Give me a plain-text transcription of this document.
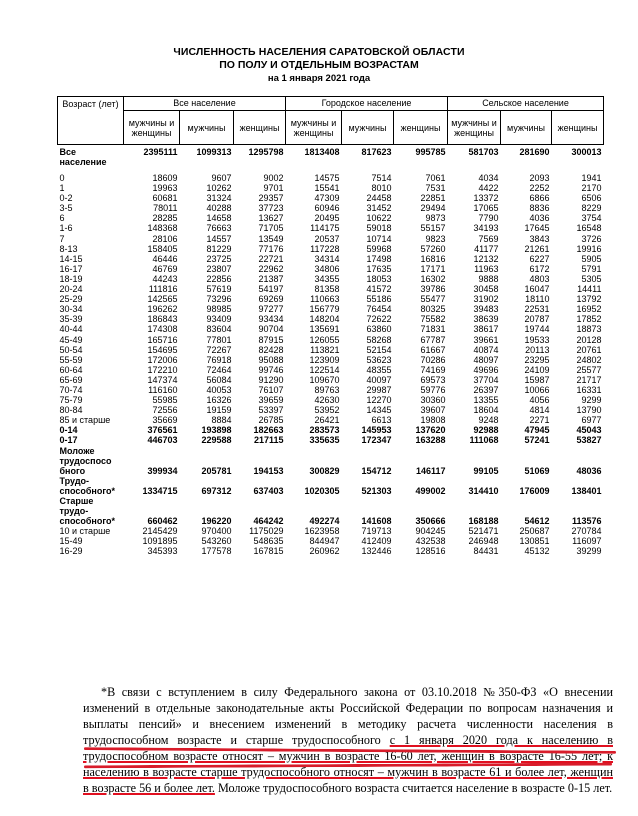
ЧИСЛЕННОСТЬ НАСЕЛЕНИЯ САРАТОВСКОЙ ОБЛАСТИ
ПО ПОЛУ И ОТДЕЛЬНЫМ ВОЗРАСТАМ
на 1 января 2021 года
Возраст (лет)	Все население			Городское население			Сельское население		
	мужчины и женщины	мужчины	женщины	мужчины и женщины	мужчины	женщины	мужчины и женщины	мужчины	женщины
Все население	2395111	1099313	1295798	1813408	817623	995785	581703	281690	300013
0	18609	9607	9002	14575	7514	7061	4034	2093	1941
1	19963	10262	9701	15541	8010	7531	4422	2252	2170
0-2	60681	31324	29357	47309	24458	22851	13372	6866	6506
3-5	78011	40288	37723	60946	31452	29494	17065	8836	8229
6	28285	14658	13627	20495	10622	9873	7790	4036	3754
1-6	148368	76663	71705	114175	59018	55157	34193	17645	16548
7	28106	14557	13549	20537	10714	9823	7569	3843	3726
8-13	158405	81229	77176	117228	59968	57260	41177	21261	19916
14-15	46446	23725	22721	34314	17498	16816	12132	6227	5905
16-17	46769	23807	22962	34806	17635	17171	11963	6172	5791
18-19	44243	22856	21387	34355	18053	16302	9888	4803	5305
20-24	111816	57619	54197	81358	41572	39786	30458	16047	14411
25-29	142565	73296	69269	110663	55186	55477	31902	18110	13792
30-34	196262	98985	97277	156779	76454	80325	39483	22531	16952
35-39	186843	93409	93434	148204	72622	75582	38639	20787	17852
40-44	174308	83604	90704	135691	63860	71831	38617	19744	18873
45-49	165716	77801	87915	126055	58268	67787	39661	19533	20128
50-54	154695	72267	82428	113821	52154	61667	40874	20113	20761
55-59	172006	76918	95088	123909	53623	70286	48097	23295	24802
60-64	172210	72464	99746	122514	48355	74169	49696	24109	25577
65-69	147374	56084	91290	109670	40097	69573	37704	15987	21717
70-74	116160	40053	76107	89763	29987	59776	26397	10066	16331
75-79	55985	16326	39659	42630	12270	30360	13355	4056	9299
80-84	72556	19159	53397	53952	14345	39607	18604	4814	13790
85 и старше	35669	8884	26785	26421	6613	19808	9248	2271	6977
0-14	376561	193898	182663	283573	145953	137620	92988	47945	45043
0-17	446703	229588	217115	335635	172347	163288	111068	57241	53827
Моложе
трудоспосо
бного	399934	205781	194153	300829	154712	146117	99105	51069	48036
Трудо-
способного*	1334715	697312	637403	1020305	521303	499002	314410	176009	138401
Старше
трудо-
способного*	660462	196220	464242	492274	141608	350666	168188	54612	113576
10 и старше	2145429	970400	1175029	1623958	719713	904245	521471	250687	270784
15-49	1091895	543260	548635	844947	412409	432538	246948	130851	116097
16-29	345393	177578	167815	260962	132446	128516	84431	45132	39299

*В связи с вступлением в силу Федерального закона от 03.10.2018 №350-ФЗ «О внесении изменений в отдельные законодательные акты Российской Федерации по вопросам назначения и выплаты пенсий» и внесением изменений в методику расчета численности населения в трудоспособном возрасте и старше трудоспособного с 1 января 2020 года к населению в трудоспособном возрасте относят – мужчин в возрасте 16-60 лет, женщин в возрасте 16-55 лет; к населению в возрасте старше трудоспособного относят – мужчин в возрасте 61 и более лет, женщин в возрасте 56 и более лет. Моложе трудоспособного возраста считается население в возрасте 0-15 лет.
